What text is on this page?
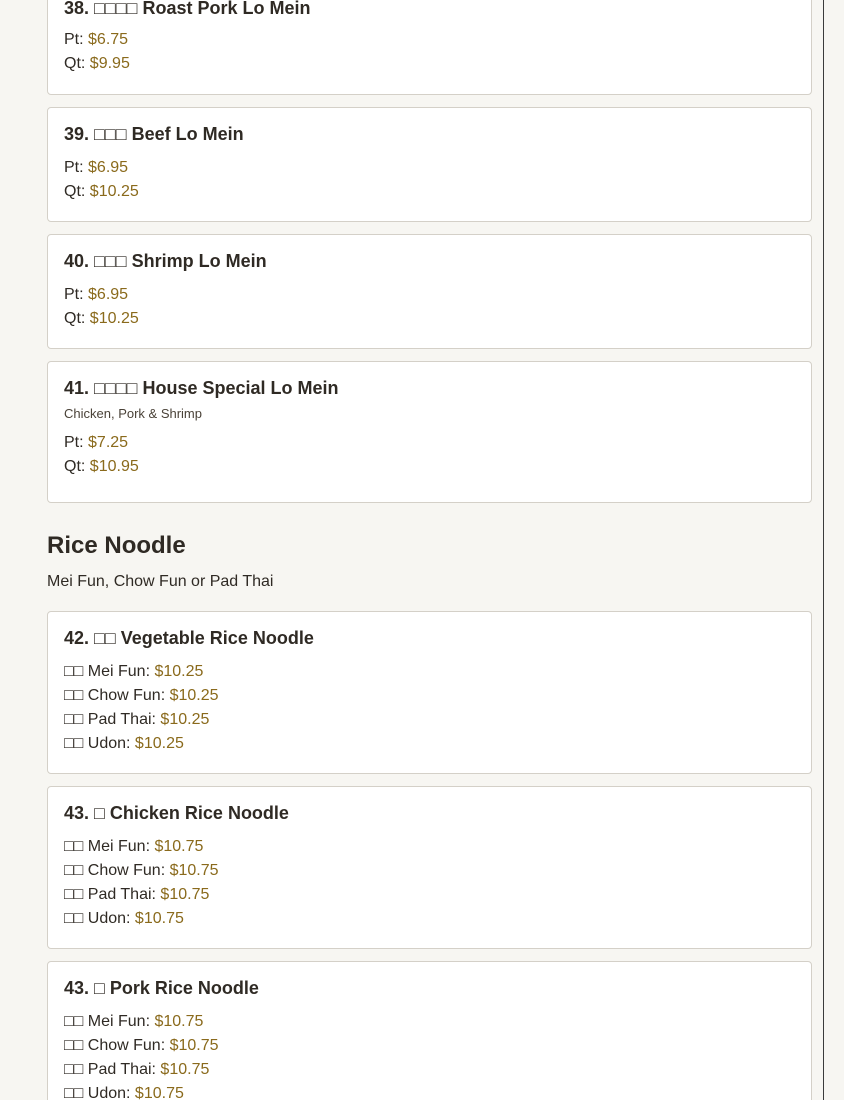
38. □□□□ Roast Pork Lo Mein
Pt: $6.75
Qt: $9.95
39. □□□ Beef Lo Mein
Pt: $6.95
Qt: $10.25
40. □□□ Shrimp Lo Mein
Pt: $6.95
Qt: $10.25
41. □□□□ House Special Lo Mein
Chicken, Pork & Shrimp
Pt: $7.25
Qt: $10.95
Rice Noodle
Mei Fun, Chow Fun or Pad Thai
42. □□ Vegetable Rice Noodle
□□ Mei Fun: $10.25
□□ Chow Fun: $10.25
□□ Pad Thai: $10.25
□□ Udon: $10.25
43. □ Chicken Rice Noodle
□□ Mei Fun: $10.75
□□ Chow Fun: $10.75
□□ Pad Thai: $10.75
□□ Udon: $10.75
43. □ Pork Rice Noodle
□□ Mei Fun: $10.75
□□ Chow Fun: $10.75
□□ Pad Thai: $10.75
□□ Udon: $10.75
